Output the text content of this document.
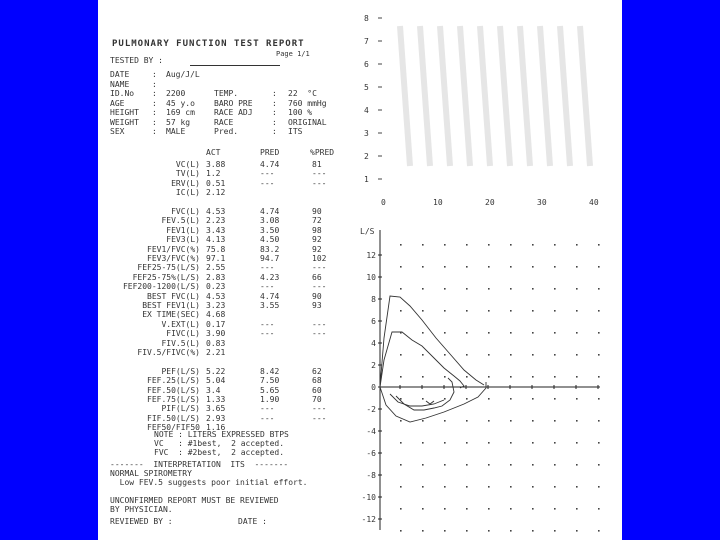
PULMONARY FUNCTION TEST REPORT
Page 1/1
TESTED BY :
DATE	: Aug/J/L
NAME	:
ID.No : 2200	TEMP.	: 22  °C
AGE	: 45 y.o BARO PRE : 760 mmHg
HEIGHT : 169 cm RACE ADJ : 100 %
WEIGHT : 57 kg	RACE	: ORIGINAL
SEX	: MALE	Pred.	: ITS
ACT	PRED	%PRED
VC(L) 3.88	4.74	81
TV(L) 1.2	---	---
ERV(L) 0.51	---	---
IC(L) 2.12
FVC(L) 4.53	4.74	90
FEV.5(L) 2.23	3.08	72
FEV1(L) 3.43	3.50	98
FEV3(L) 4.13	4.50	92
FEV1/FVC(%) 75.8	83.2	92
FEV3/FVC(%) 97.1	94.7	102
FEF25-75(L/S) 2.55	---	---
FEF25-75%(L/S) 2.83	4.23	66
FEF200-1200(L/S) 0.23	---	---
BEST FVC(L) 4.53	4.74	90
BEST FEV1(L) 3.23	3.55	93
EX TIME(SEC) 4.68
V.EXT(L) 0.17	---	---
FIVC(L) 3.90	---	---
FIV.5(L) 0.83
FIV.5/FIVC(%) 2.21
PEF(L/S) 5.22	8.42	62
FEF.25(L/S) 5.04	7.50	68
FEF.50(L/S) 3.4	5.65	60
FEF.75(L/S) 1.33	1.90	70
PIF(L/S) 3.65	---	---
FIF.50(L/S) 2.93	---	---
FEF50/FIF50 1.16
NOTE : LITERS EXPRESSED BTPS
VC   : #1best,  2 accepted.
FVC  : #2best,  2 accepted.
-------  INTERPRETATION  ITS  -------
NORMAL SPIROMETRY
Low FEV.5 suggests poor initial effort.
UNCONFIRMED REPORT MUST BE REVIEWED
BY PHYSICIAN.
REVIEWED BY :	DATE :
8
7
6
5
4
3
2
1
0	10	20	30	40
12
10
8
6
4
2
0
-2
-4
-6
-8
-10
-12
L/S
